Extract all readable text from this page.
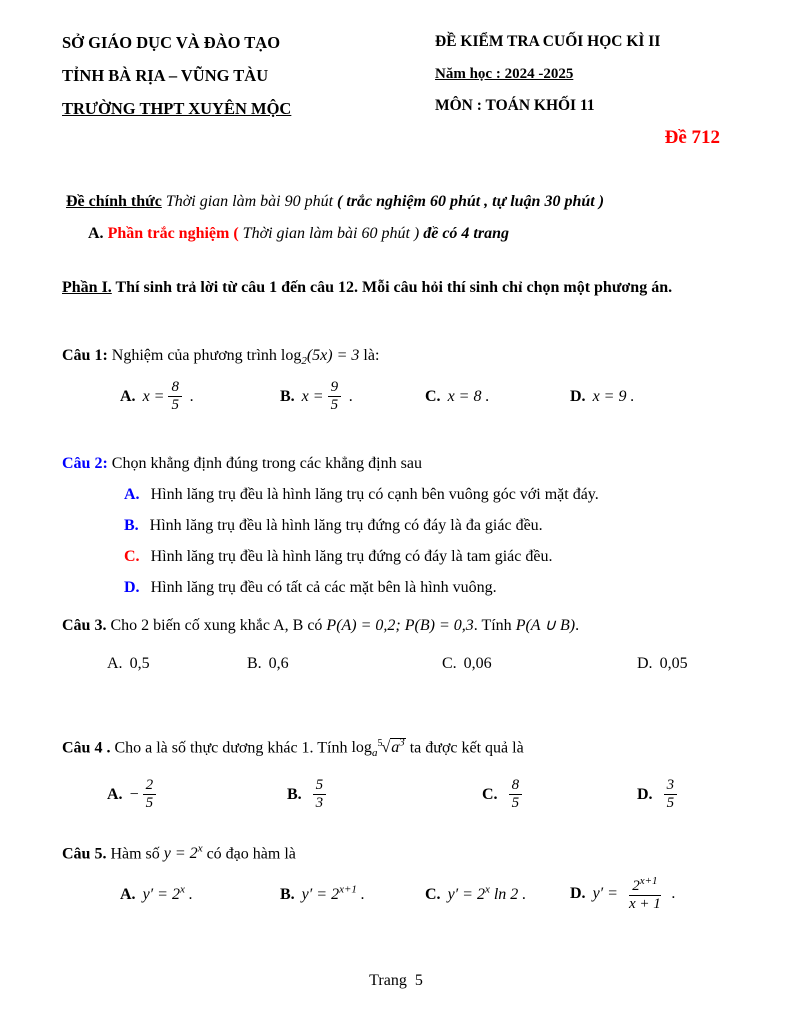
SỞ GIÁO DỤC VÀ ĐÀO TẠO
TỈNH BÀ RỊA – VŨNG TÀU
TRƯỜNG THPT XUYÊN MỘC
ĐỀ KIỂM TRA CUỐI HỌC KÌ II
Năm học : 2024 -2025
MÔN : TOÁN KHỐI 11
Đề 712
Đề chính thức Thời gian làm bài 90 phút ( trắc nghiệm 60 phút , tự luận 30 phút )
A. Phần trắc nghiệm ( Thời gian làm bài 60 phút ) đề có 4 trang
Phần I. Thí sinh trả lời từ câu 1 đến câu 12. Mỗi câu hỏi thí sinh chỉ chọn một phương án.
Câu 1: Nghiệm của phương trình $\log_2(5x) = 3$ là:
A. $x = \frac{8}{5}$ .	B. $x = \frac{9}{5}$ .	C. x = 8 .	D. x = 9 .
Câu 2: Chọn khẳng định đúng trong các khẳng định sau
A. Hình lăng trụ đều là hình lăng trụ có cạnh bên vuông góc với mặt đáy.
B. Hình lăng trụ đều là hình lăng trụ đứng có đáy là đa giác đều.
C. Hình lăng trụ đều là hình lăng trụ đứng có đáy là tam giác đều.
D. Hình lăng trụ đều có tất cả các mặt bên là hình vuông.
Câu 3. Cho 2 biến cố xung khắc A, B có P(A) = 0,2; P(B) = 0,3. Tính P(A ∪ B).
A. 0,5	B. 0,6	C. 0,06	D. 0,05
Câu 4 . Cho a là số thực dương khác 1. Tính $\log_a^5√a^3$ ta được kết quả là
A. − $\frac{2}{5}$	B. $\frac{5}{3}$	C. $\frac{8}{5}$	D. $\frac{3}{5}$
Câu 5. Hàm số $y = 2^x$ có đạo hàm là
A. $y' = 2^x$ .	B. $y' = 2^{x+1}$ .	C. $y' = 2^x$ ln 2 .	D. $y' = \frac{2^{x+1}}{x + 1}$ .
Trang  5
